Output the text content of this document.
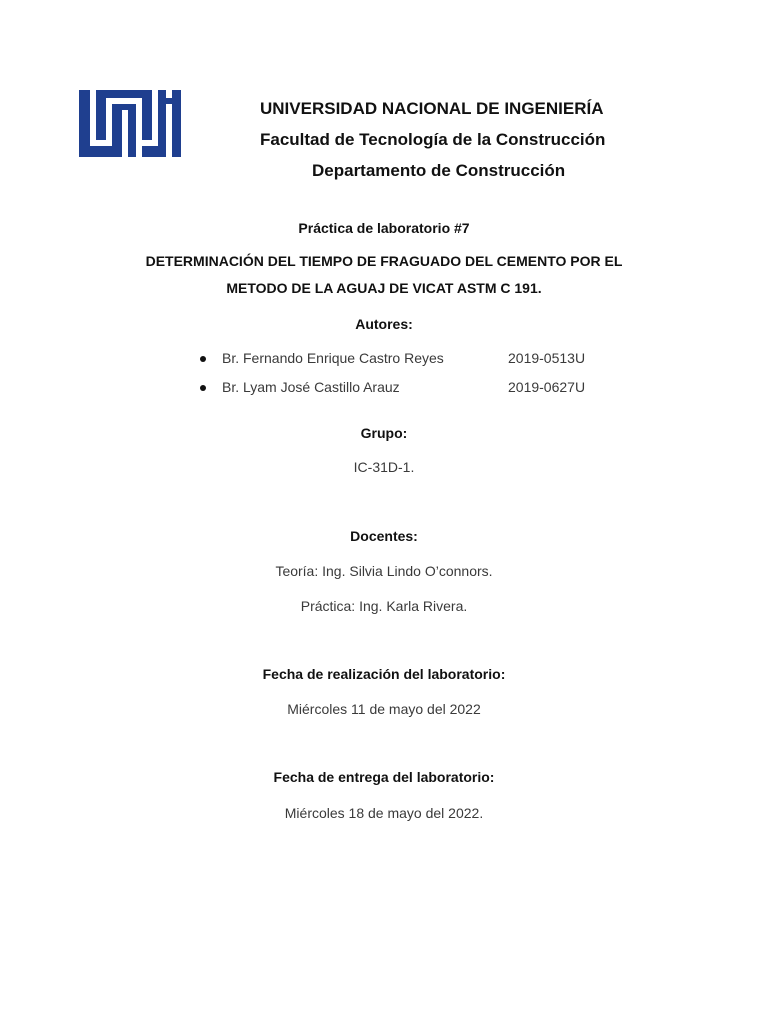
UNIVERSIDAD NACIONAL DE INGENIERÍA
Facultad de Tecnología de la Construcción
Departamento de Construcción
Práctica de laboratorio #7
DETERMINACIÓN DEL TIEMPO DE FRAGUADO DEL CEMENTO POR EL
METODO DE LA AGUAJ DE VICAT ASTM C 191.
Autores:
Br. Fernando Enrique Castro Reyes	2019-0513U
Br. Lyam José Castillo Arauz	2019-0627U
Grupo:
IC-31D-1.
Docentes:
Teoría: Ing. Silvia Lindo O’connors.
Práctica: Ing. Karla Rivera.
Fecha de realización del laboratorio:
Miércoles 11 de mayo del 2022
Fecha de entrega del laboratorio:
Miércoles 18 de mayo del 2022.
